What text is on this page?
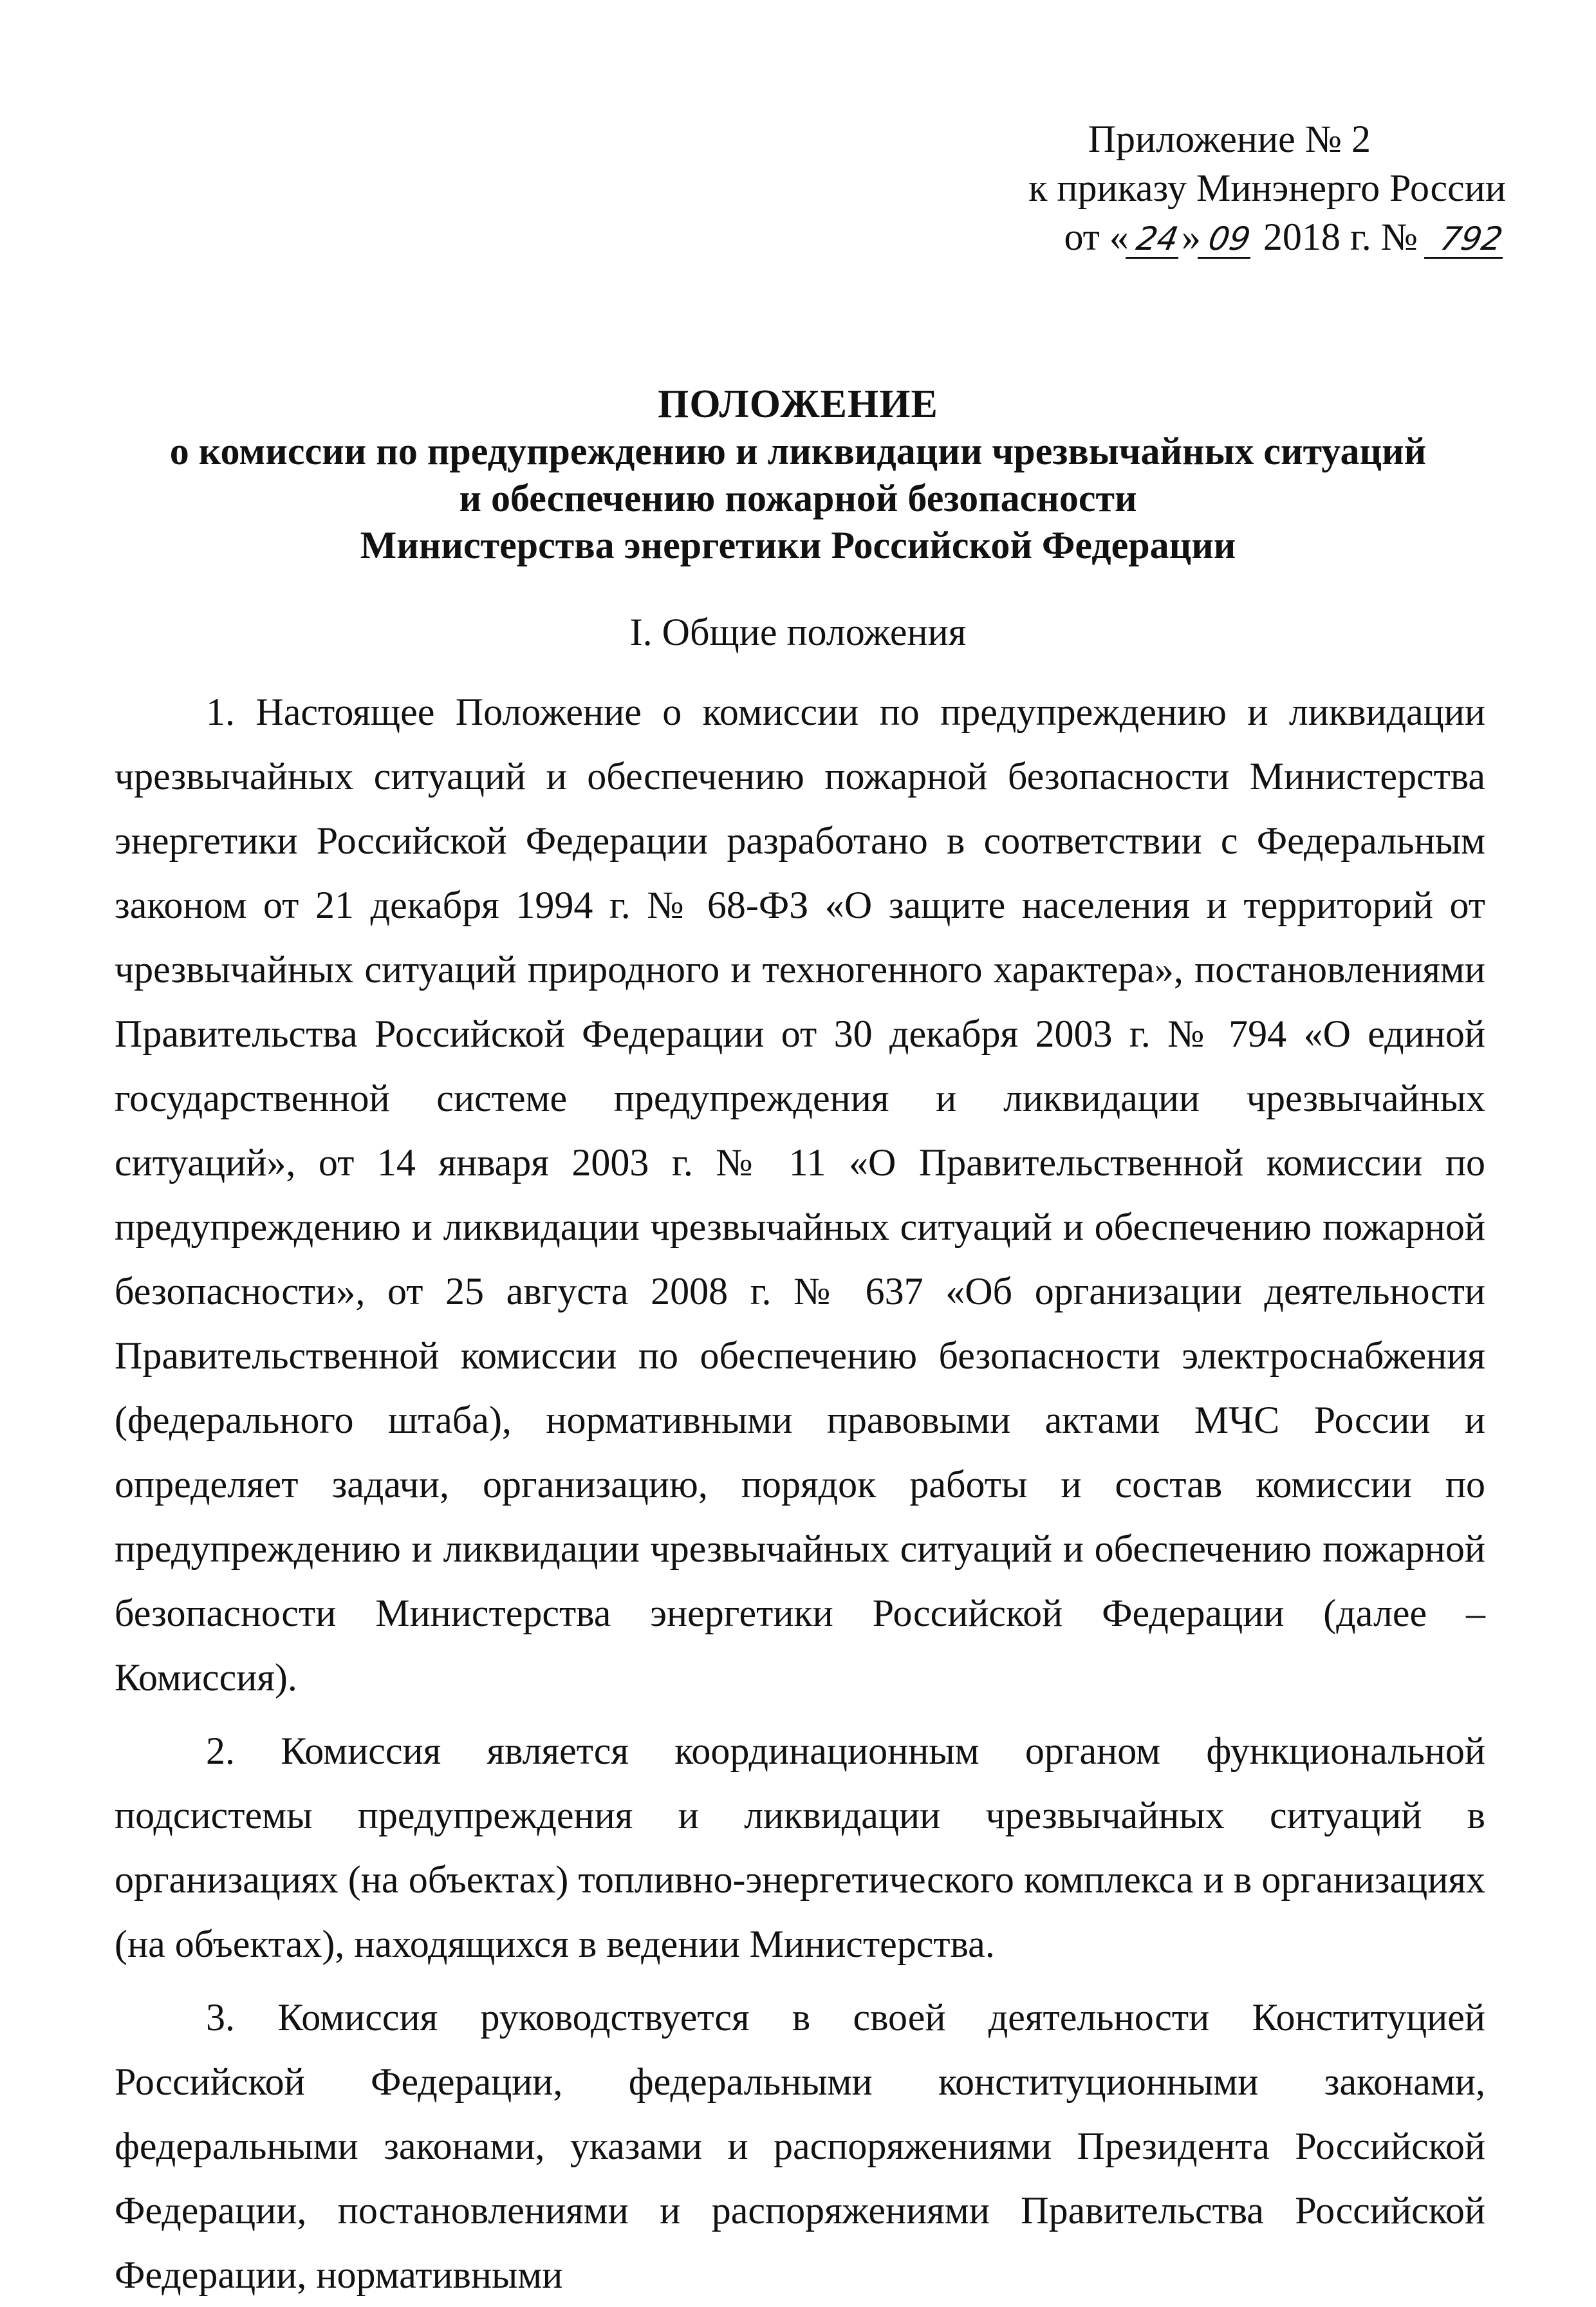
Приложение № 2
к приказу Минэнерго России
от « 24» 09 2018 г. № 792
ПОЛОЖЕНИЕ
о комиссии по предупреждению и ликвидации чрезвычайных ситуаций
и обеспечению пожарной безопасности
Министерства энергетики Российской Федерации
I. Общие положения

1. Настоящее Положение о комиссии по предупреждению и ликвидации чрезвычайных ситуаций и обеспечению пожарной безопасности Министерства энергетики Российской Федерации разработано в соответствии с Федеральным законом от 21 декабря 1994 г. № 68-ФЗ «О защите населения и территорий от чрезвычайных ситуаций природного и техногенного характера», постановлениями Правительства Российской Федерации от 30 декабря 2003 г. № 794 «О единой государственной системе предупреждения и ликвидации чрезвычайных ситуаций», от 14 января 2003 г. № 11 «О Правительственной комиссии по предупреждению и ликвидации чрезвычайных ситуаций и обеспечению пожарной безопасности», от 25 августа 2008 г. № 637 «Об организации деятельности Правительственной комиссии по обеспечению безопасности электроснабжения (федерального штаба), нормативными правовыми актами МЧС России и определяет задачи, организацию, порядок работы и состав комиссии по предупреждению и ликвидации чрезвычайных ситуаций и обеспечению пожарной безопасности Министерства энергетики Российской Федерации (далее – Комиссия).

2. Комиссия является координационным органом функциональной подсистемы предупреждения и ликвидации чрезвычайных ситуаций в организациях (на объектах) топливно-энергетического комплекса и в организациях (на объектах), находящихся в ведении Министерства.

3. Комиссия руководствуется в своей деятельности Конституцией Российской Федерации, федеральными конституционными законами, федеральными законами, указами и распоряжениями Президента Российской Федерации, постановлениями и распоряжениями Правительства Российской Федерации, нормативными
